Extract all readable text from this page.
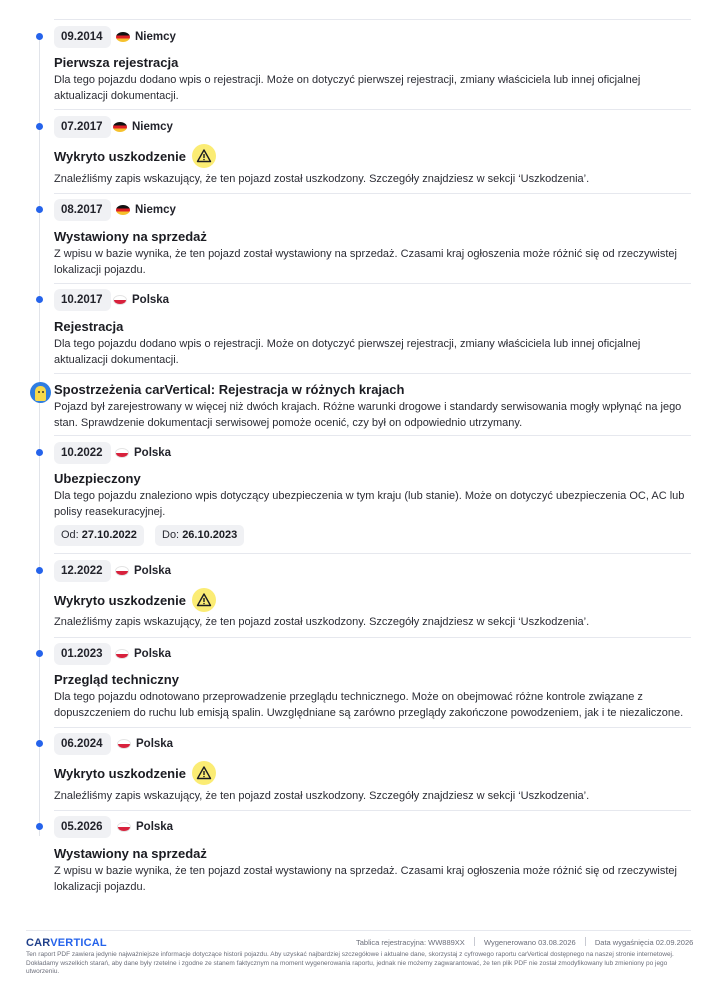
09.2014	Niemcy
Pierwsza rejestracja

Dla tego pojazdu dodano wpis o rejestracji. Może on dotyczyć pierwszej rejestracji, zmiany właściciela lub innej oficjalnej aktualizacji dokumentacji.

07.2017	Niemcy
Wykryto uszkodzenie

Znaleźliśmy zapis wskazujący, że ten pojazd został uszkodzony. Szczegóły znajdziesz w sekcji ‘Uszkodzenia’.

08.2017	Niemcy
Wystawiony na sprzedaż

Z wpisu w bazie wynika, że ten pojazd został wystawiony na sprzedaż. Czasami kraj ogłoszenia może różnić się od rzeczywistej lokalizacji pojazdu.

10.2017	Polska
Rejestracja

Dla tego pojazdu dodano wpis o rejestracji. Może on dotyczyć pierwszej rejestracji, zmiany właściciela lub innej oficjalnej aktualizacji dokumentacji.

Spostrzeżenia carVertical: Rejestracja w różnych krajach

Pojazd był zarejestrowany w więcej niż dwóch krajach. Różne warunki drogowe i standardy serwisowania mogły wpłynąć na jego stan. Sprawdzenie dokumentacji serwisowej pomoże ocenić, czy był on odpowiednio utrzymany.

10.2022	Polska
Ubezpieczony

Dla tego pojazdu znaleziono wpis dotyczący ubezpieczenia w tym kraju (lub stanie). Może on dotyczyć ubezpieczenia OC, AC lub polisy reasekuracyjnej.

Od: 27.10.2022	Do: 26.10.2023
12.2022	Polska
Wykryto uszkodzenie

Znaleźliśmy zapis wskazujący, że ten pojazd został uszkodzony. Szczegóły znajdziesz w sekcji ‘Uszkodzenia’.

01.2023	Polska
Przegląd techniczny

Dla tego pojazdu odnotowano przeprowadzenie przeglądu technicznego. Może on obejmować różne kontrole związane z dopuszczeniem do ruchu lub emisją spalin. Uwzględniane są zarówno przeglądy zakończone powodzeniem, jak i te niezaliczone.

06.2024	Polska
Wykryto uszkodzenie

Znaleźliśmy zapis wskazujący, że ten pojazd został uszkodzony. Szczegóły znajdziesz w sekcji ‘Uszkodzenia’.

05.2026	Polska
Wystawiony na sprzedaż

Z wpisu w bazie wynika, że ten pojazd został wystawiony na sprzedaż. Czasami kraj ogłoszenia może różnić się od rzeczywistej lokalizacji pojazdu.

CARVERTICAL	Tablica rejestracyjna: WW889XX	Wygenerowano 03.08.2026	Data wygaśnięcia 02.09.2026
Ten raport PDF zawiera jedynie najważniejsze informacje dotyczące historii pojazdu. Aby uzyskać najbardziej szczegółowe i aktualne dane, skorzystaj z cyfrowego raportu carVertical dostępnego na naszej stronie internetowej. Dokładamy wszelkich starań, aby dane były rzetelne i zgodne ze stanem faktycznym na moment wygenerowania raportu, jednak nie możemy zagwarantować, że ten plik PDF nie został zmodyfikowany lub zmieniony po jego utworzeniu.
